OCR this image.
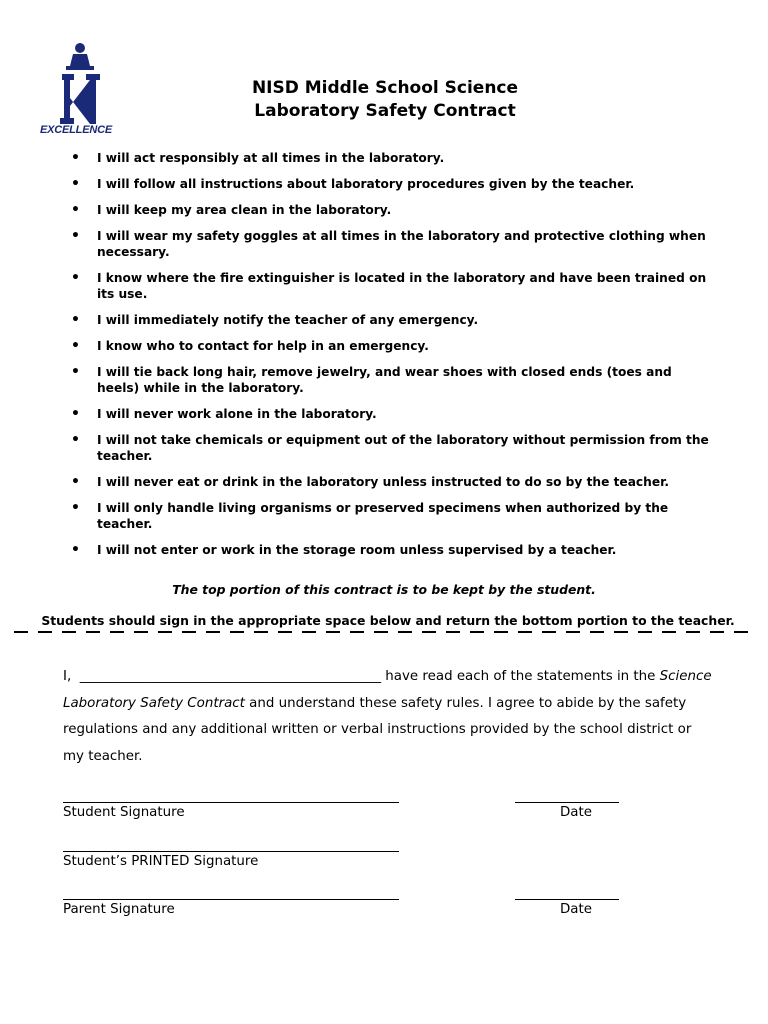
EXCELLENCE
NISD Middle School Science
Laboratory Safety Contract
• I will act responsibly at all times in the laboratory.
• I will follow all instructions about laboratory procedures given by the teacher.
• I will keep my area clean in the laboratory.
• I will wear my safety goggles at all times in the laboratory and protective clothing when necessary.
• I know where the fire extinguisher is located in the laboratory and have been trained on its use.
• I will immediately notify the teacher of any emergency.
• I know who to contact for help in an emergency.
• I will tie back long hair, remove jewelry, and wear shoes with closed ends (toes and heels) while in the laboratory.
• I will never work alone in the laboratory.
• I will not take chemicals or equipment out of the laboratory without permission from the teacher.
• I will never eat or drink in the laboratory unless instructed to do so by the teacher.
• I will only handle living organisms or preserved specimens when authorized by the teacher.
• I will not enter or work in the storage room unless supervised by a teacher.
The top portion of this contract is to be kept by the student.
Students should sign in the appropriate space below and return the bottom portion to the teacher.
I, _____________________________________________ have read each of the statements in the Science Laboratory Safety Contract and understand these safety rules. I agree to abide by the safety regulations and any additional written or verbal instructions provided by the school district or my teacher.
Student Signature	Date
Student’s PRINTED Signature
Parent Signature	Date
